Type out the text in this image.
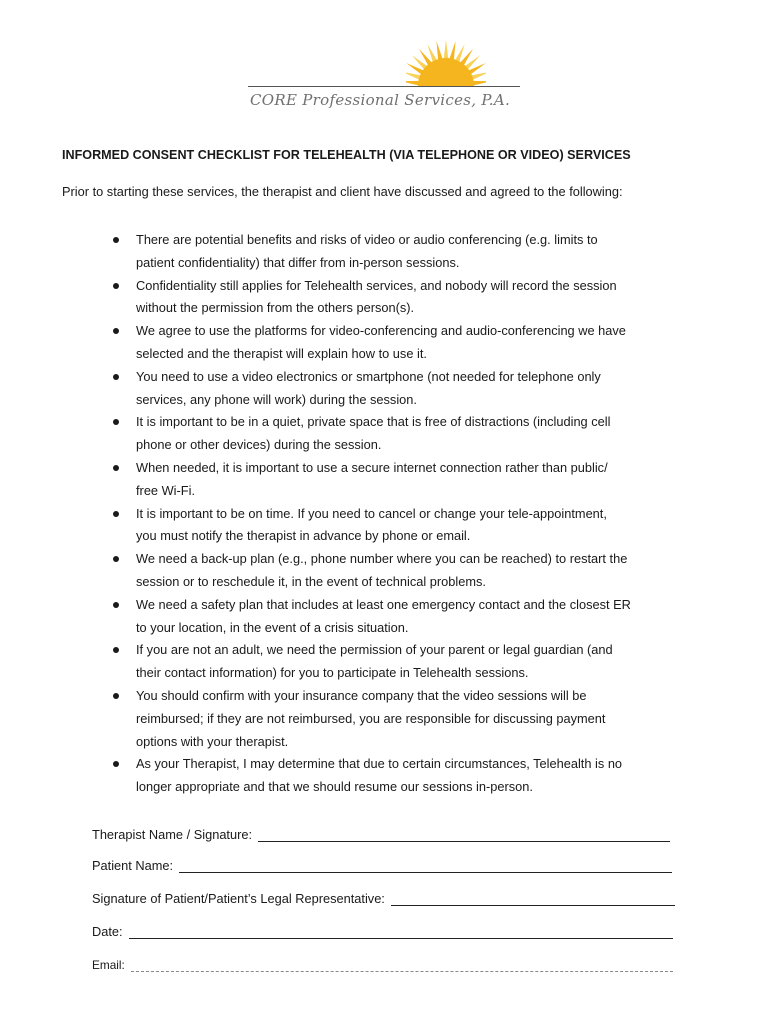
CORE Professional Services, P.A.
INFORMED CONSENT CHECKLIST FOR TELEHEALTH (VIA TELEPHONE OR VIDEO) SERVICES

Prior to starting these services, the therapist and client have discussed and agreed to the following:

There are potential benefits and risks of video or audio conferencing (e.g. limits to
patient confidentiality) that differ from in-person sessions.
Confidentiality still applies for Telehealth services, and nobody will record the session
without the permission from the others person(s).
We agree to use the platforms for video-conferencing and audio-conferencing we have
selected and the therapist will explain how to use it.
You need to use a video electronics or smartphone (not needed for telephone only
services, any phone will work) during the session.
It is important to be in a quiet, private space that is free of distractions (including cell
phone or other devices) during the session.
When needed, it is important to use a secure internet connection rather than public/
free Wi-Fi.
It is important to be on time. If you need to cancel or change your tele-appointment,
you must notify the therapist in advance by phone or email.
We need a back-up plan (e.g., phone number where you can be reached) to restart the
session or to reschedule it, in the event of technical problems.
We need a safety plan that includes at least one emergency contact and the closest ER
to your location, in the event of a crisis situation.
If you are not an adult, we need the permission of your parent or legal guardian (and
their contact information) for you to participate in Telehealth sessions.
You should confirm with your insurance company that the video sessions will be
reimbursed; if they are not reimbursed, you are responsible for discussing payment
options with your therapist.
As your Therapist, I may determine that due to certain circumstances, Telehealth is no
longer appropriate and that we should resume our sessions in-person.
Therapist Name / Signature:
Patient Name:
Signature of Patient/Patient’s Legal Representative:
Date:
Email:
